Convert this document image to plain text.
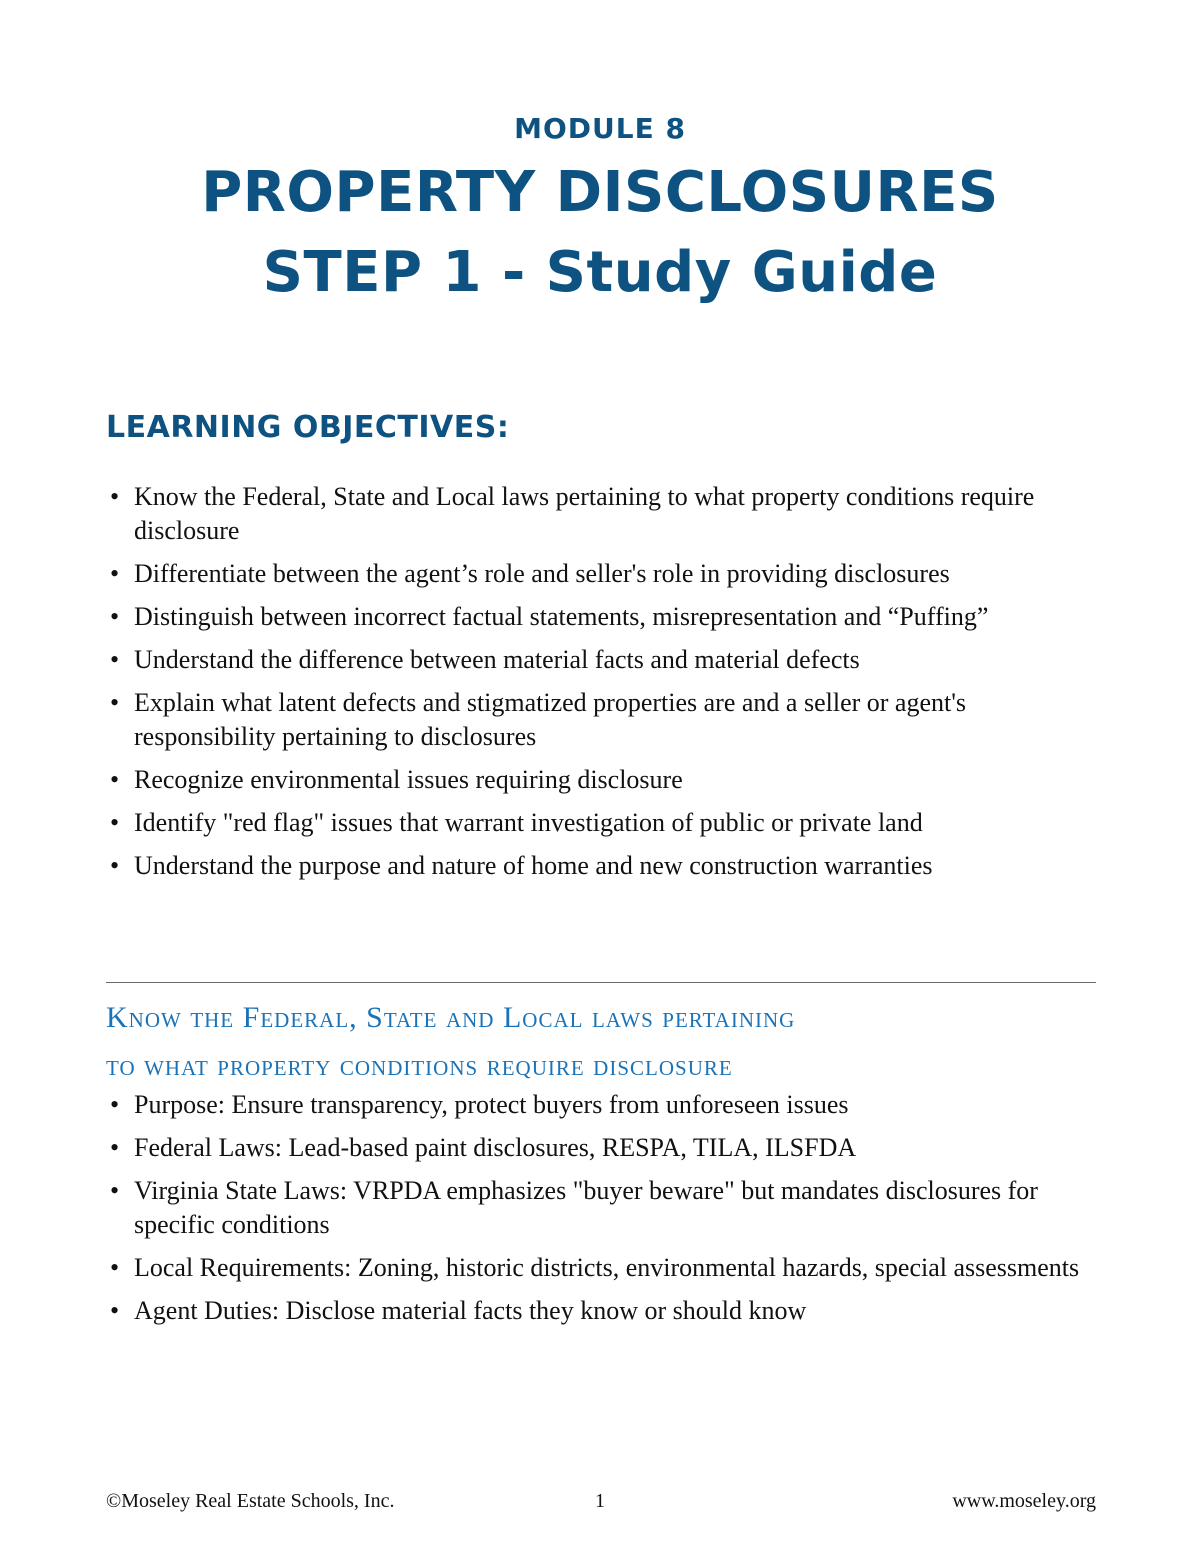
MODULE 8
PROPERTY DISCLOSURES
STEP 1 - Study Guide
LEARNING OBJECTIVES:
• Know the Federal, State and Local laws pertaining to what property conditions require disclosure
• Differentiate between the agent’s role and seller's role in providing disclosures
• Distinguish between incorrect factual statements, misrepresentation and “Puffing”
• Understand the difference between material facts and material defects
• Explain what latent defects and stigmatized properties are and a seller or agent's responsibility pertaining to disclosures
• Recognize environmental issues requiring disclosure
• Identify "red flag" issues that warrant investigation of public or private land
• Understand the purpose and nature of home and new construction warranties
Know the Federal, State and Local laws pertaining
to what property conditions require disclosure
• Purpose: Ensure transparency, protect buyers from unforeseen issues
• Federal Laws: Lead-based paint disclosures, RESPA, TILA, ILSFDA
• Virginia State Laws: VRPDA emphasizes "buyer beware" but mandates disclosures for specific conditions
• Local Requirements: Zoning, historic districts, environmental hazards, special assessments
• Agent Duties: Disclose material facts they know or should know
©Moseley Real Estate Schools, Inc.	1	www.moseley.org
